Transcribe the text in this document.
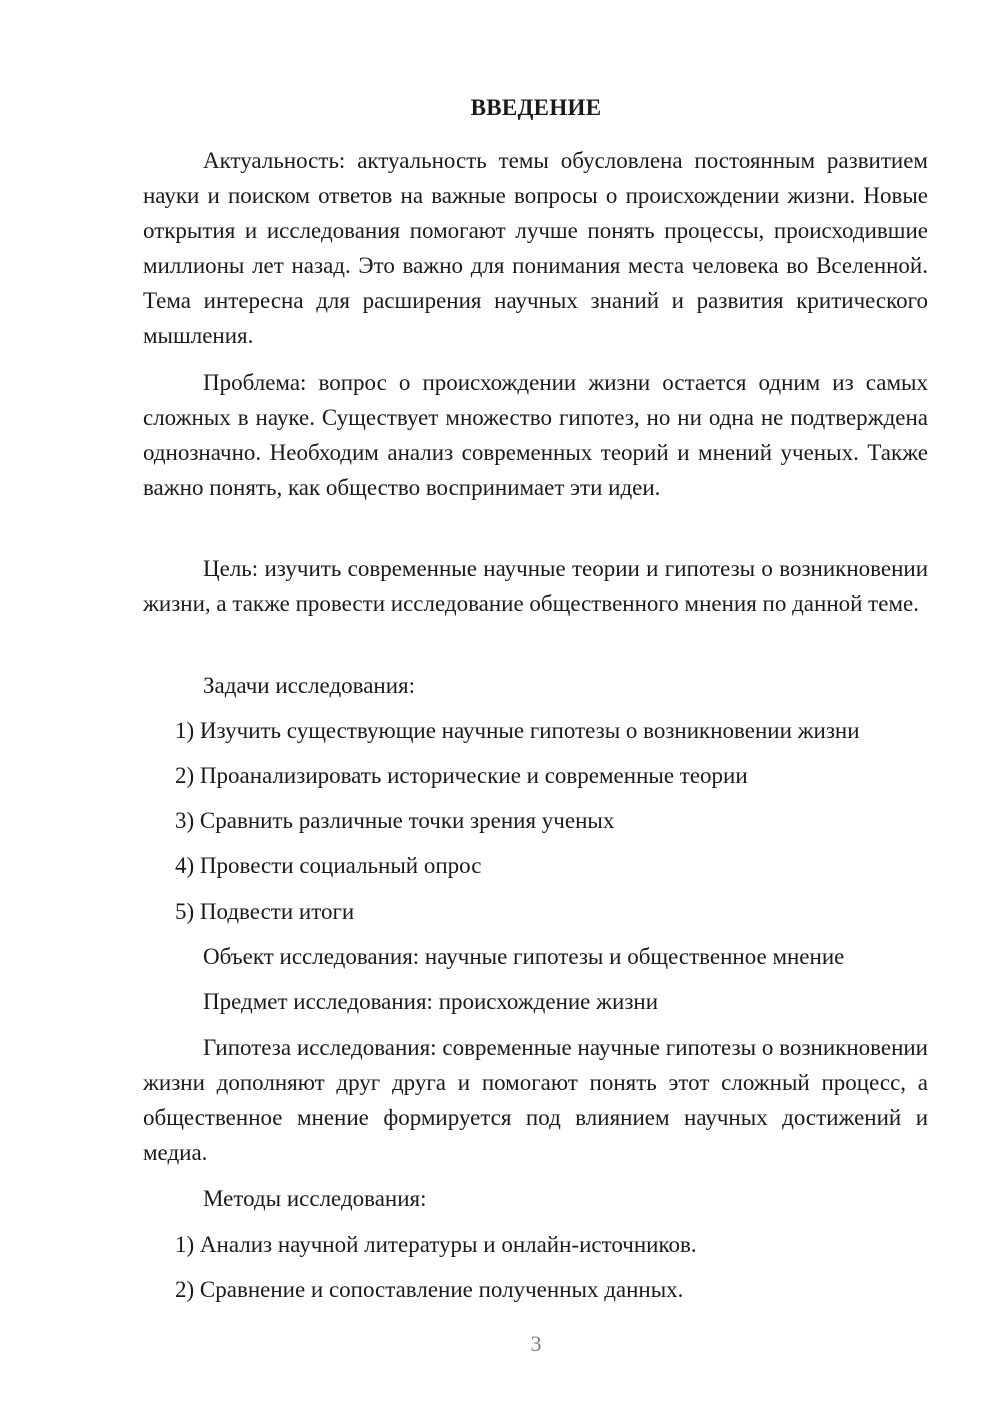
ВВЕДЕНИЕ

Актуальность: актуальность темы обусловлена постоянным развитием науки и поиском ответов на важные вопросы о происхождении жизни. Новые открытия и исследования помогают лучше понять процессы, происходившие миллионы лет назад. Это важно для понимания места человека во Вселенной. Тема интересна для расширения научных знаний и развития критического мышления.

Проблема: вопрос о происхождении жизни остается одним из самых сложных в науке. Существует множество гипотез, но ни одна не подтверждена однозначно. Необходим анализ современных теорий и мнений ученых. Также важно понять, как общество воспринимает эти идеи.

Цель: изучить современные научные теории и гипотезы о возникновении жизни, а также провести исследование общественного мнения по данной теме.

Задачи исследования:

1) Изучить существующие научные гипотезы о возникновении жизни

2) Проанализировать исторические и современные теории

3) Сравнить различные точки зрения ученых

4) Провести социальный опрос

5) Подвести итоги

Объект исследования: научные гипотезы и общественное мнение

Предмет исследования: происхождение жизни

Гипотеза исследования: современные научные гипотезы о возникновении жизни дополняют друг друга и помогают понять этот сложный процесс, а общественное мнение формируется под влиянием научных достижений и медиа.

Методы исследования:

1) Анализ научной литературы и онлайн-источников.

2) Сравнение и сопоставление полученных данных.

3
